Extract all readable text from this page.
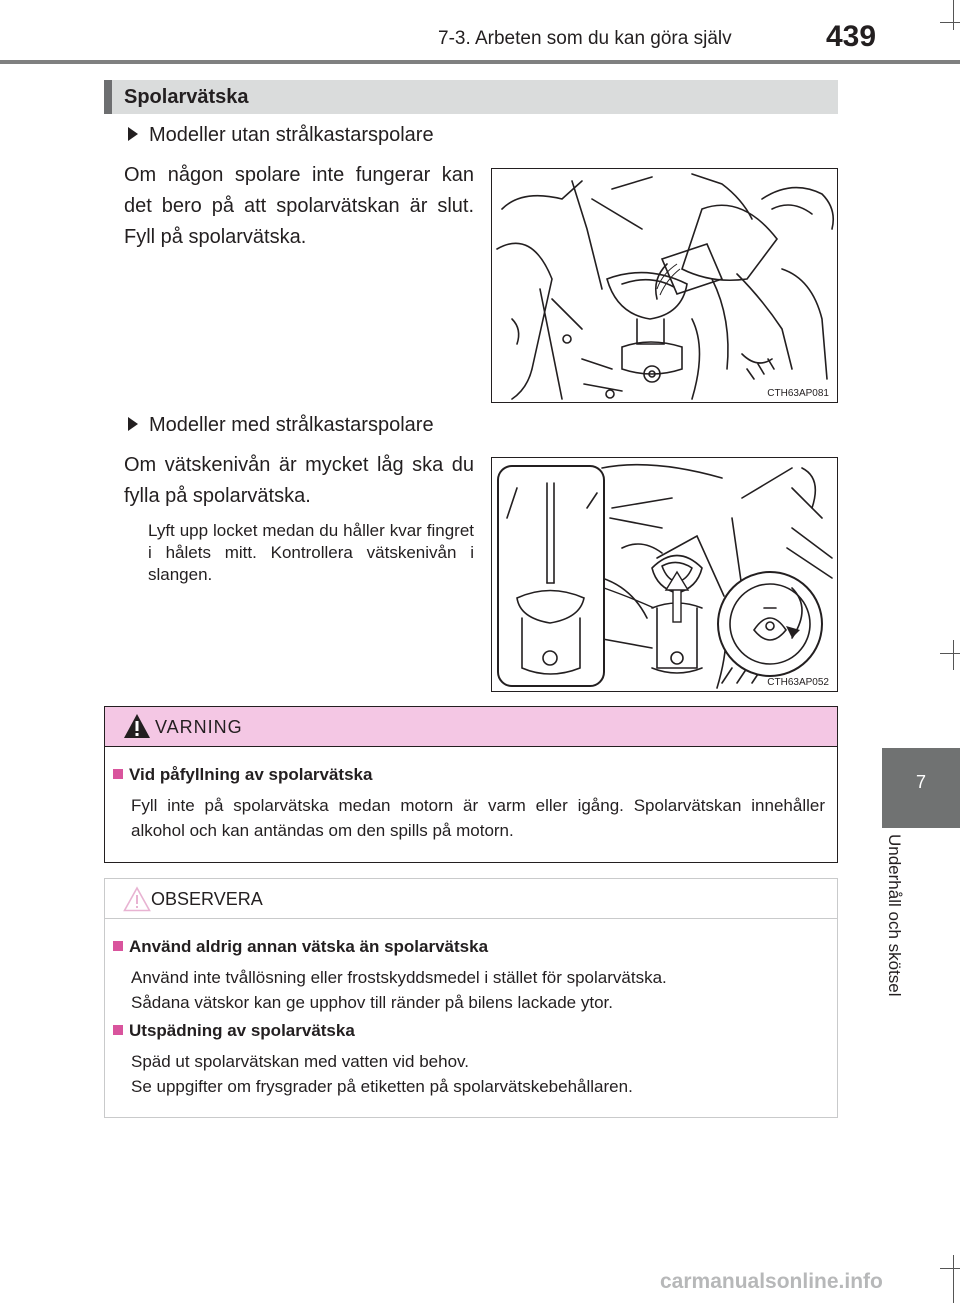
7-3. Arbeten som du kan göra själv	439
7
Underhåll och skötsel
Spolarvätska
Modeller utan strålkastarspolare
Om någon spolare inte fungerar kan det bero på att spolarvätskan är slut. Fyll på spolarvätska.
CTH63AP081
Modeller med strålkastarspolare
Om vätskenivån är mycket låg ska du fylla på spolarvätska.
Lyft upp locket medan du håller kvar fingret i hålets mitt. Kontrollera vätskenivån i slangen.
CTH63AP052
VARNING
Vid påfyllning av spolarvätska
Fyll inte på spolarvätska medan motorn är varm eller igång. Spolarvätskan innehåller alkohol och kan antändas om den spills på motorn.
OBSERVERA
Använd aldrig annan vätska än spolarvätska
Använd inte tvållösning eller frostskyddsmedel i stället för spolarvätska.
Sådana vätskor kan ge upphov till ränder på bilens lackade ytor.
Utspädning av spolarvätska
Späd ut spolarvätskan med vatten vid behov.
Se uppgifter om frysgrader på etiketten på spolarvätskebehållaren.
carmanualsonline.info
